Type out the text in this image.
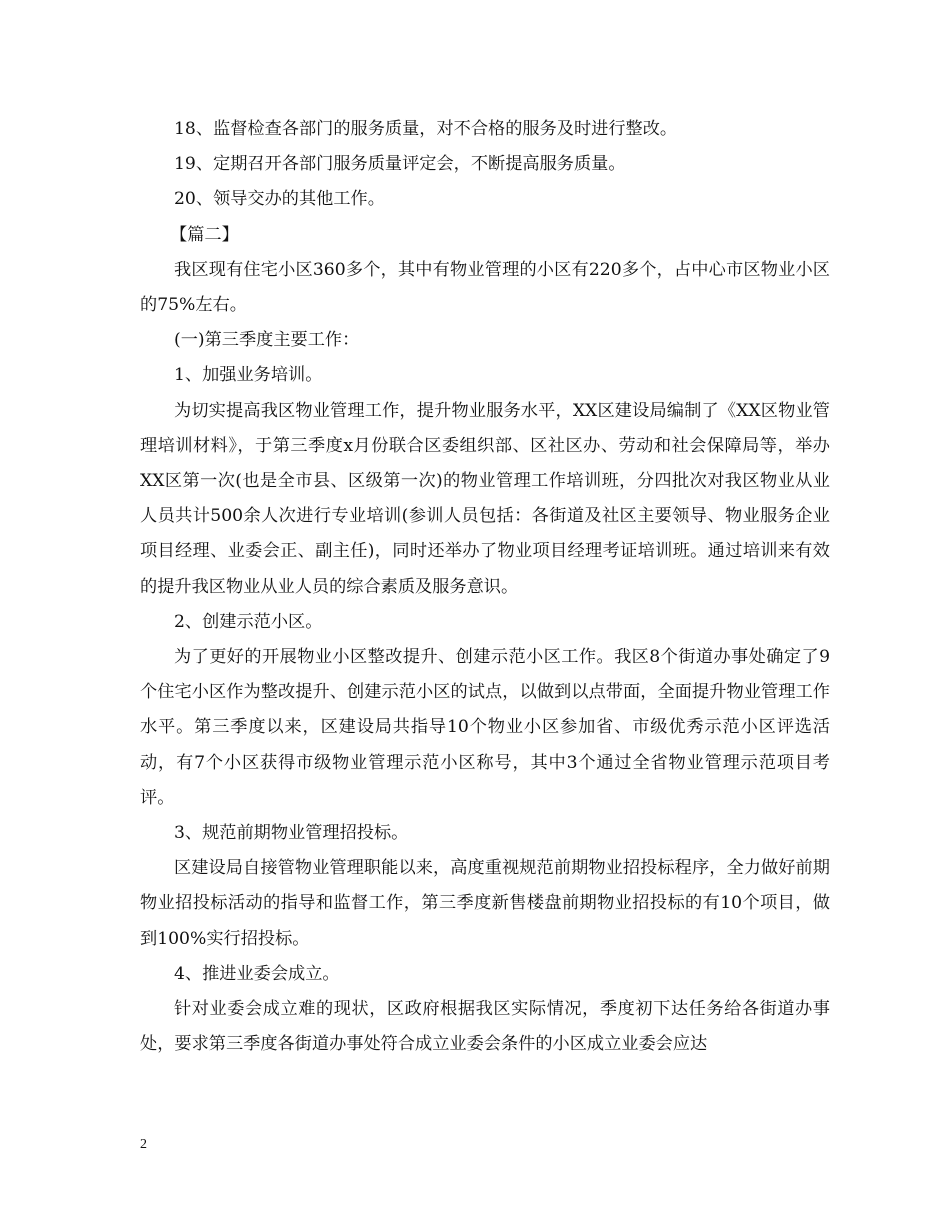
18、监督检查各部门的服务质量，对不合格的服务及时进行整改。

19、定期召开各部门服务质量评定会，不断提高服务质量。

20、领导交办的其他工作。

【篇二】

我区现有住宅小区360多个，其中有物业管理的小区有220多个，占中心市区物业小区的75%左右。

(一)第三季度主要工作：

1、加强业务培训。

为切实提高我区物业管理工作，提升物业服务水平，XX区建设局编制了《XX区物业管理培训材料》，于第三季度x月份联合区委组织部、区社区办、劳动和社会保障局等，举办XX区第一次(也是全市县、区级第一次)的物业管理工作培训班，分四批次对我区物业从业人员共计500余人次进行专业培训(参训人员包括：各街道及社区主要领导、物业服务企业项目经理、业委会正、副主任)，同时还举办了物业项目经理考证培训班。通过培训来有效的提升我区物业从业人员的综合素质及服务意识。

2、创建示范小区。

为了更好的开展物业小区整改提升、创建示范小区工作。我区8个街道办事处确定了9个住宅小区作为整改提升、创建示范小区的试点，以做到以点带面，全面提升物业管理工作水平。第三季度以来，区建设局共指导10个物业小区参加省、市级优秀示范小区评选活动，有7个小区获得市级物业管理示范小区称号，其中3个通过全省物业管理示范项目考评。

3、规范前期物业管理招投标。

区建设局自接管物业管理职能以来，高度重视规范前期物业招投标程序，全力做好前期物业招投标活动的指导和监督工作，第三季度新售楼盘前期物业招投标的有10个项目，做到100%实行招投标。

4、推进业委会成立。

针对业委会成立难的现状，区政府根据我区实际情况，季度初下达任务给各街道办事处，要求第三季度各街道办事处符合成立业委会条件的小区成立业委会应达

2
